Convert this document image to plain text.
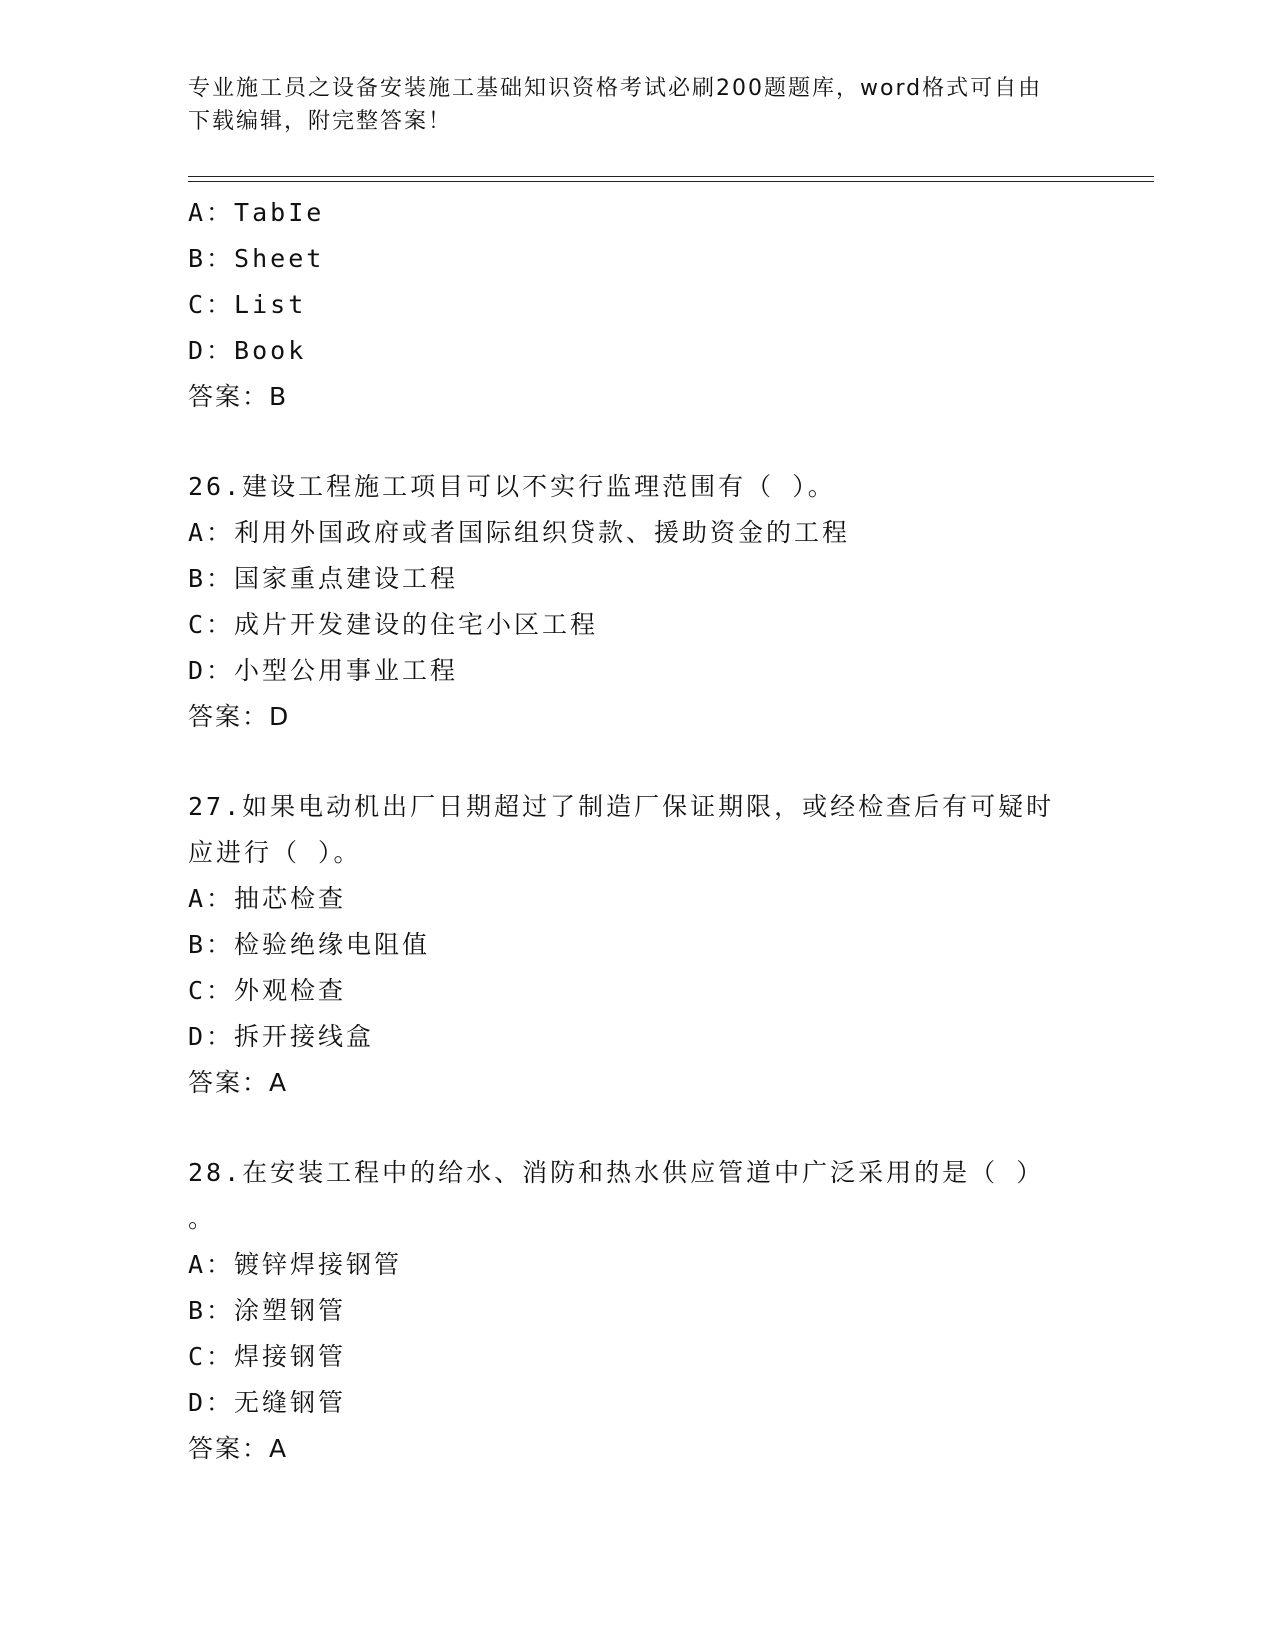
专业施工员之设备安装施工基础知识资格考试必刷200题题库，word格式可自由
下载编辑，附完整答案！
A：TabIe
B：Sheet
C：List
D：Book
答案：B
26.建设工程施工项目可以不实行监理范围有（ ）。
A：利用外国政府或者国际组织贷款、援助资金的工程
B：国家重点建设工程
C：成片开发建设的住宅小区工程
D：小型公用事业工程
答案：D
27.如果电动机出厂日期超过了制造厂保证期限，或经检查后有可疑时
应进行（ ）。
A：抽芯检查
B：检验绝缘电阻值
C：外观检查
D：拆开接线盒
答案：A
28.在安装工程中的给水、消防和热水供应管道中广泛采用的是（ ）
。
A：镀锌焊接钢管
B：涂塑钢管
C：焊接钢管
D：无缝钢管
答案：A
